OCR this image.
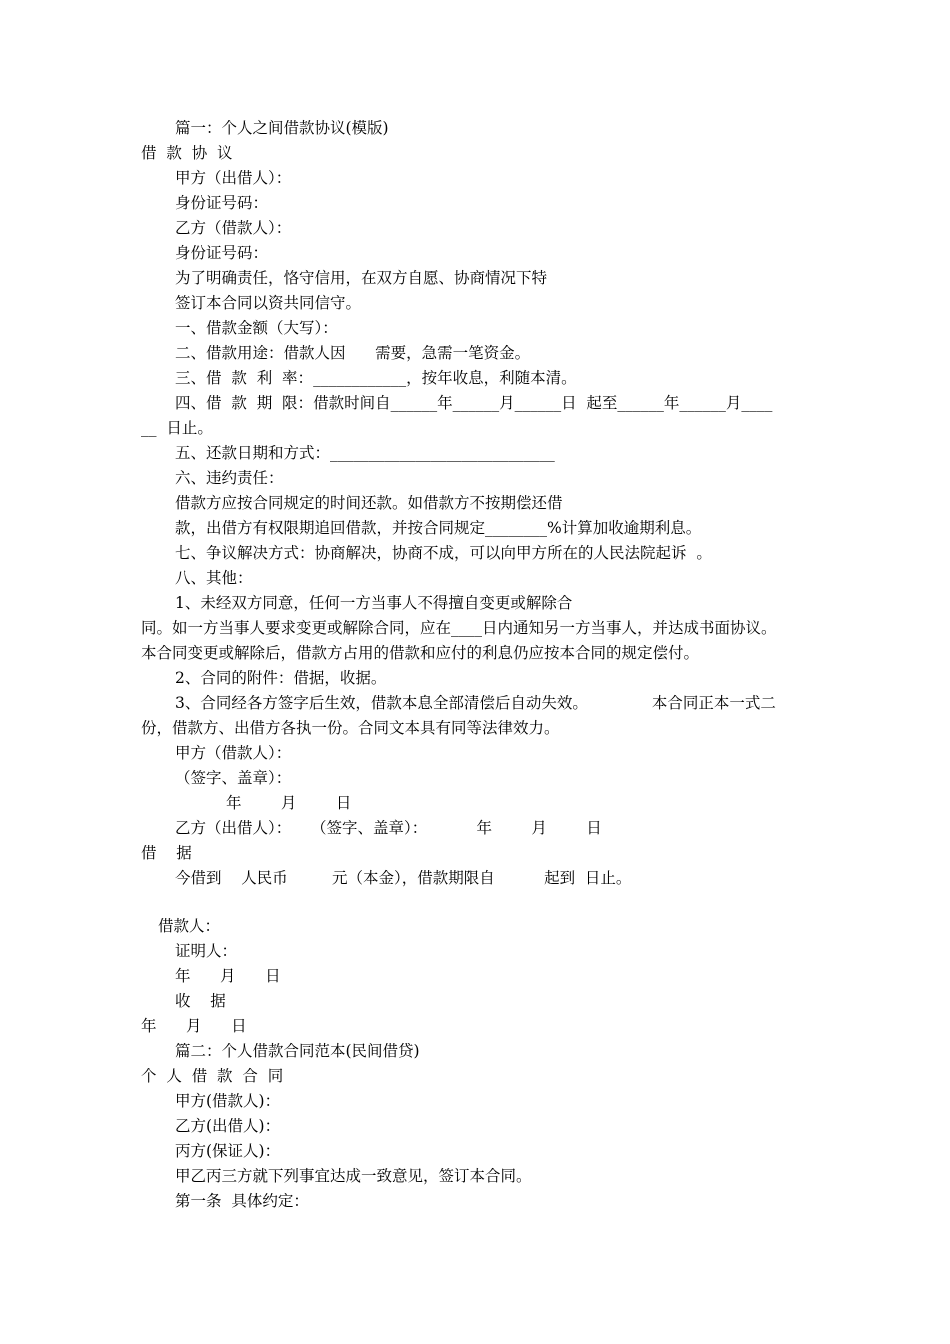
篇一：个人之间借款协议(模版)
借  款  协  议
甲方（出借人）：
身份证号码：
乙方（借款人）：
身份证号码：
为了明确责任，恪守信用，在双方自愿、协商情况下特
签订本合同以资共同信守。
一、借款金额（大写）：
二、借款用途：借款人因      需要，急需一笔资金。
三、借  款  利  率：____________，按年收息，利随本清。
四、借  款  期  限：借款时间自______年______月______日  起至______年______月____
__  日止。
五、还款日期和方式：_____________________________
六、违约责任：
借款方应按合同规定的时间还款。如借款方不按期偿还借
款，出借方有权限期追回借款，并按合同规定________%计算加收逾期利息。
七、争议解决方式：协商解决，协商不成，可以向甲方所在的人民法院起诉  。
八、其他：
1、未经双方同意，任何一方当事人不得擅自变更或解除合
同。如一方当事人要求变更或解除合同，应在____日内通知另一方当事人，并达成书面协议。
本合同变更或解除后，借款方占用的借款和应付的利息仍应按本合同的规定偿付。
2、合同的附件：借据，收据。
3、合同经各方签字后生效，借款本息全部清偿后自动失效。             本合同正本一式二
份，借款方、出借方各执一份。合同文本具有同等法律效力。
甲方（借款人）：
（签字、盖章）：
年        月        日
乙方（出借人）：    （签字、盖章）：          年        月        日
借    据
今借到    人民币         元（本金），借款期限自          起到  日止。
借款人：
证明人：
年      月      日
收    据
年      月      日
篇二：个人借款合同范本(民间借贷)
个  人  借  款  合  同
甲方(借款人)：
乙方(出借人)：
丙方(保证人)：
甲乙丙三方就下列事宜达成一致意见，签订本合同。
第一条  具体约定：
